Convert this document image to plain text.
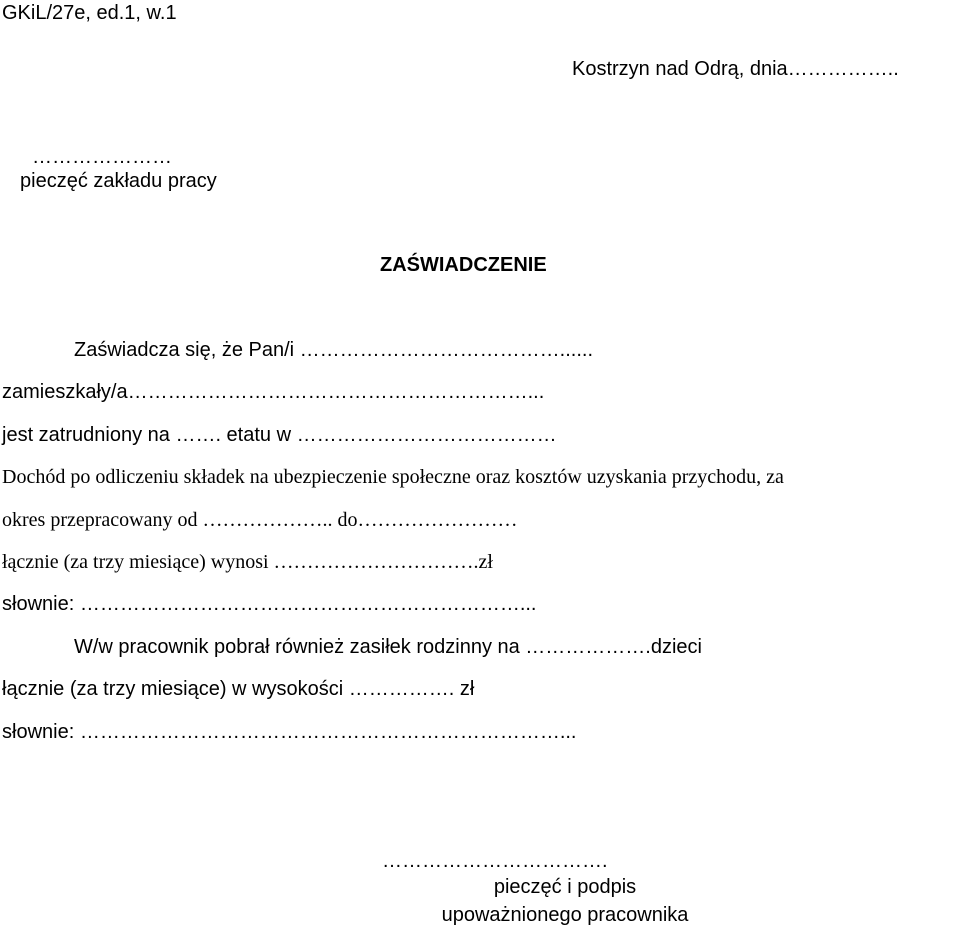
GKiL/27e, ed.1, w.1
Kostrzyn nad Odrą, dnia……………..
…………………
pieczęć zakładu pracy
ZAŚWIADCZENIE
Zaświadcza się, że Pan/i …………………………………......
zamieszkały/a……………………………………………………...
jest zatrudniony na ……. etatu w …………………………………
Dochód po odliczeniu składek na ubezpieczenie społeczne oraz kosztów uzyskania przychodu, za
okres przepracowany od ……………….. do……………………
łącznie (za trzy miesiące) wynosi ………………………….zł
słownie: …………………………………………………………...
W/w pracownik pobrał również zasiłek rodzinny na ……………….dzieci
łącznie (za trzy miesiące) w wysokości ……………. zł
słownie: ………………………………………………………………...
…………………………….
pieczęć i podpis
upoważnionego pracownika
